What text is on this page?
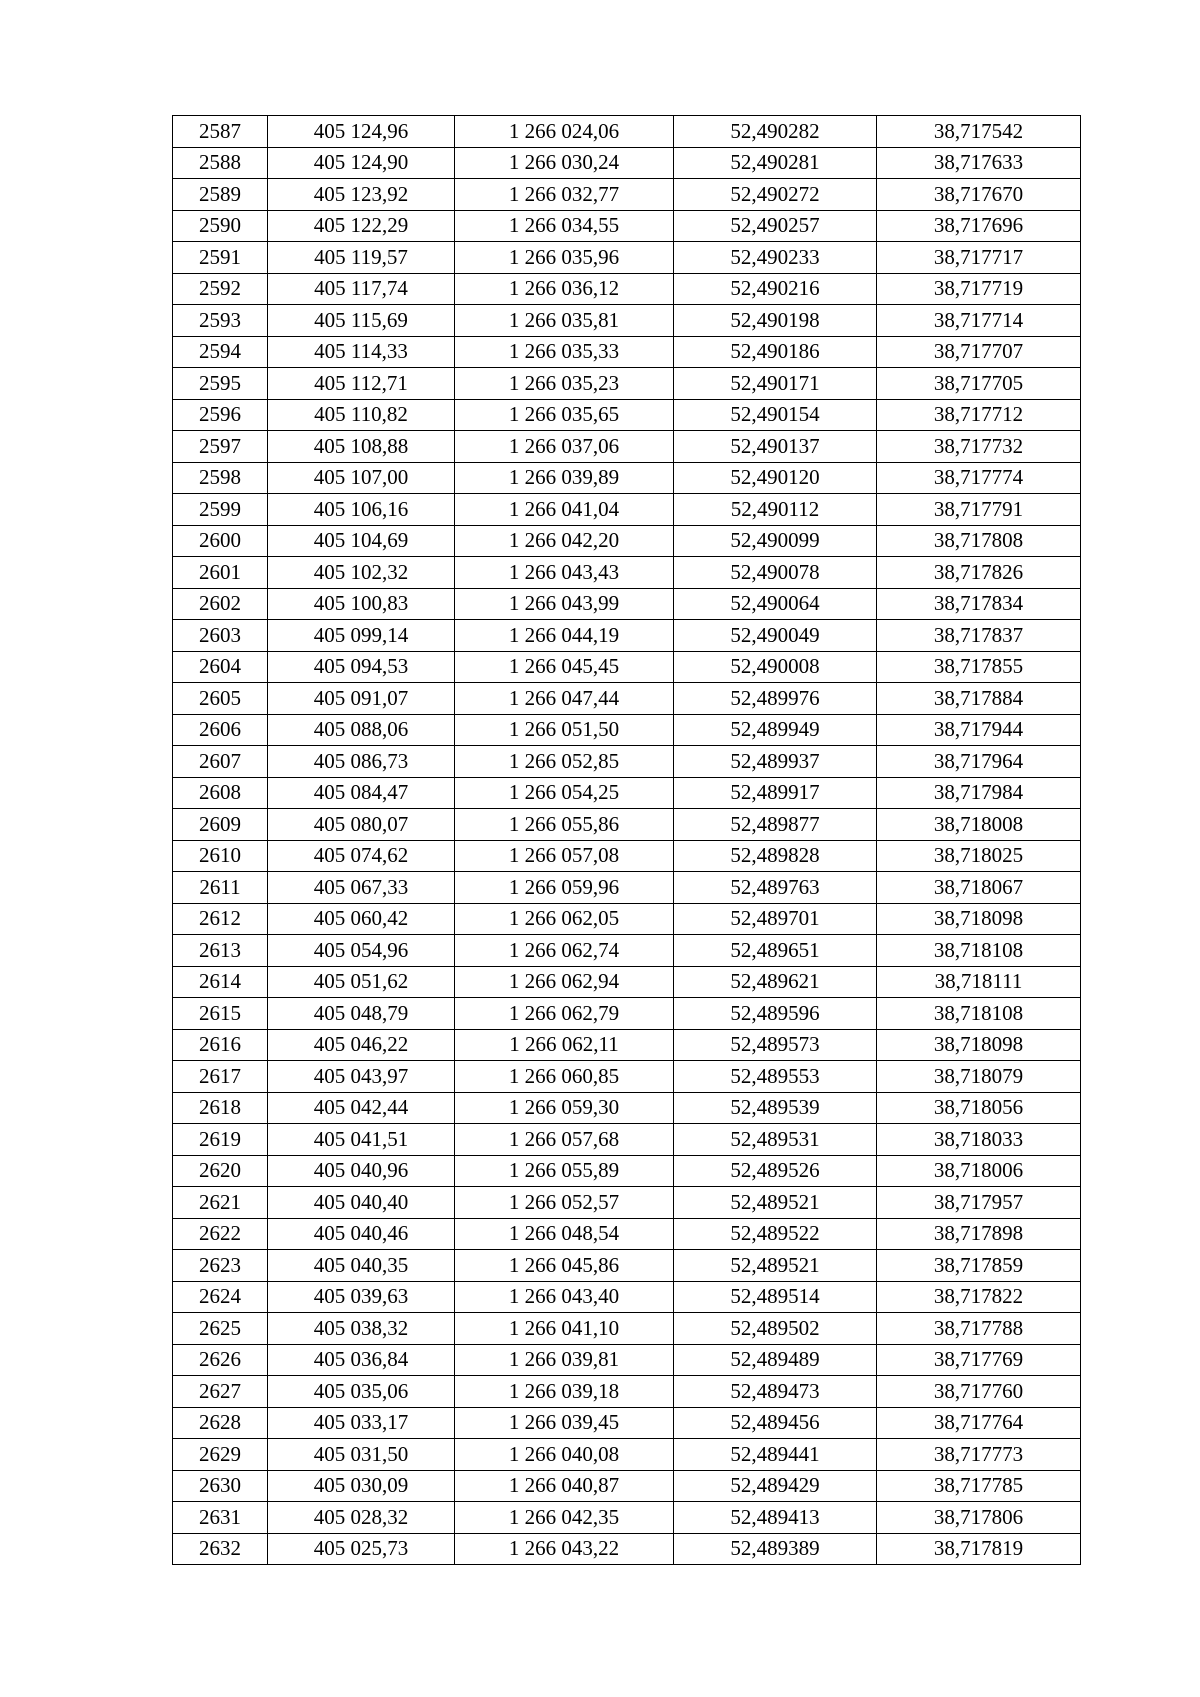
2587	405 124,96	1 266 024,06	52,490282	38,717542
2588	405 124,90	1 266 030,24	52,490281	38,717633
2589	405 123,92	1 266 032,77	52,490272	38,717670
2590	405 122,29	1 266 034,55	52,490257	38,717696
2591	405 119,57	1 266 035,96	52,490233	38,717717
2592	405 117,74	1 266 036,12	52,490216	38,717719
2593	405 115,69	1 266 035,81	52,490198	38,717714
2594	405 114,33	1 266 035,33	52,490186	38,717707
2595	405 112,71	1 266 035,23	52,490171	38,717705
2596	405 110,82	1 266 035,65	52,490154	38,717712
2597	405 108,88	1 266 037,06	52,490137	38,717732
2598	405 107,00	1 266 039,89	52,490120	38,717774
2599	405 106,16	1 266 041,04	52,490112	38,717791
2600	405 104,69	1 266 042,20	52,490099	38,717808
2601	405 102,32	1 266 043,43	52,490078	38,717826
2602	405 100,83	1 266 043,99	52,490064	38,717834
2603	405 099,14	1 266 044,19	52,490049	38,717837
2604	405 094,53	1 266 045,45	52,490008	38,717855
2605	405 091,07	1 266 047,44	52,489976	38,717884
2606	405 088,06	1 266 051,50	52,489949	38,717944
2607	405 086,73	1 266 052,85	52,489937	38,717964
2608	405 084,47	1 266 054,25	52,489917	38,717984
2609	405 080,07	1 266 055,86	52,489877	38,718008
2610	405 074,62	1 266 057,08	52,489828	38,718025
2611	405 067,33	1 266 059,96	52,489763	38,718067
2612	405 060,42	1 266 062,05	52,489701	38,718098
2613	405 054,96	1 266 062,74	52,489651	38,718108
2614	405 051,62	1 266 062,94	52,489621	38,718111
2615	405 048,79	1 266 062,79	52,489596	38,718108
2616	405 046,22	1 266 062,11	52,489573	38,718098
2617	405 043,97	1 266 060,85	52,489553	38,718079
2618	405 042,44	1 266 059,30	52,489539	38,718056
2619	405 041,51	1 266 057,68	52,489531	38,718033
2620	405 040,96	1 266 055,89	52,489526	38,718006
2621	405 040,40	1 266 052,57	52,489521	38,717957
2622	405 040,46	1 266 048,54	52,489522	38,717898
2623	405 040,35	1 266 045,86	52,489521	38,717859
2624	405 039,63	1 266 043,40	52,489514	38,717822
2625	405 038,32	1 266 041,10	52,489502	38,717788
2626	405 036,84	1 266 039,81	52,489489	38,717769
2627	405 035,06	1 266 039,18	52,489473	38,717760
2628	405 033,17	1 266 039,45	52,489456	38,717764
2629	405 031,50	1 266 040,08	52,489441	38,717773
2630	405 030,09	1 266 040,87	52,489429	38,717785
2631	405 028,32	1 266 042,35	52,489413	38,717806
2632	405 025,73	1 266 043,22	52,489389	38,717819
